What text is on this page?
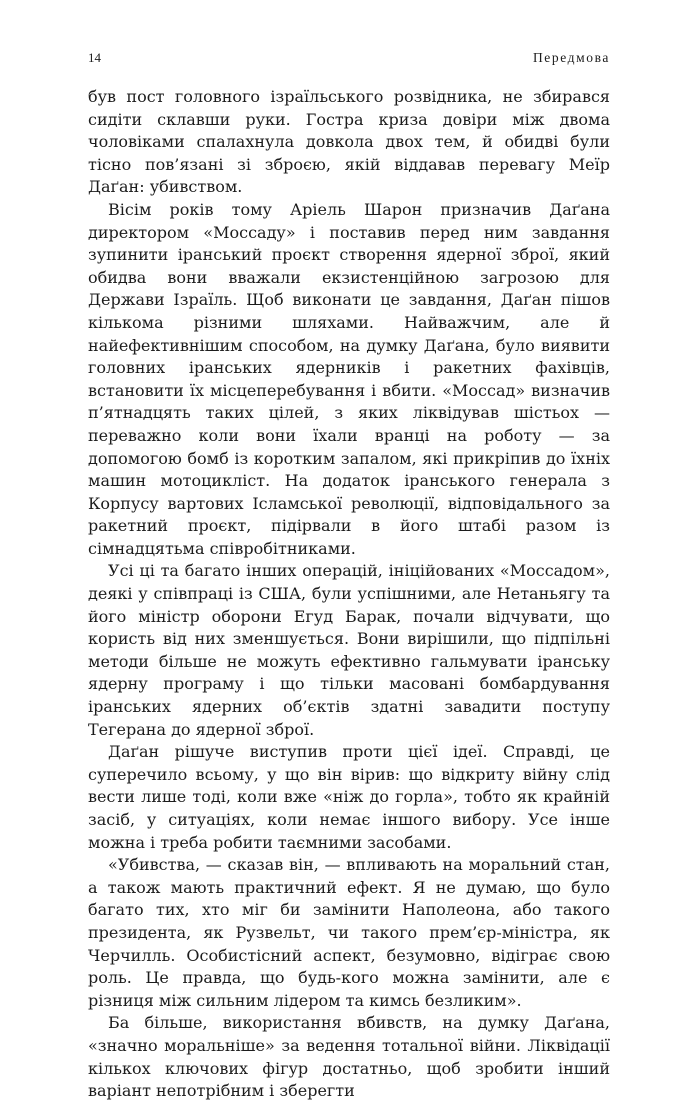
14	Передмова

був пост головного ізраїльського розвідника, не збирався сидіти склавши руки. Гостра криза довіри між двома чоловіками спалахнула довкола двох тем, й обидві були тісно пов’язані зі зброєю, якій віддавав перевагу Меїр Даґан: убивством.

Вісім років тому Аріель Шарон призначив Даґана директором «Моссаду» і поставив перед ним завдання зупинити іранський проєкт створення ядерної зброї, який обидва вони вважали екзистенційною загрозою для Держави Ізраїль. Щоб виконати це завдання, Даґан пішов кількома різними шляхами. Найважчим, але й найефективнішим способом, на думку Даґана, було виявити головних іранських ядерників і ракетних фахівців, встановити їх місцеперебування і вбити. «Моссад» визначив п’ятнадцять таких цілей, з яких ліквідував шістьох — переважно коли вони їхали вранці на роботу — за допомогою бомб із коротким запалом, які прикріпив до їхніх машин мотоцикліст. На додаток іранського генерала з Корпусу вартових Ісламської революції, відповідального за ракетний проєкт, підірвали в його штабі разом із сімнадцятьма співробітниками.

Усі ці та багато інших операцій, ініційованих «Моссадом», деякі у співпраці із США, були успішними, але Нетаньягу та його міністр оборони Егуд Барак, почали відчувати, що користь від них зменшується. Вони вирішили, що підпільні методи більше не можуть ефективно гальмувати іранську ядерну програму і що тільки масовані бомбардування іранських ядерних об’єктів здатні завадити поступу Тегерана до ядерної зброї.

Даґан рішуче виступив проти цієї ідеї. Справді, це суперечило всьому, у що він вірив: що відкриту війну слід вести лише тоді, коли вже «ніж до горла», тобто як крайній засіб, у ситуаціях, коли немає іншого вибору. Усе інше можна і треба робити таємними засобами.

«Убивства, — сказав він, — впливають на моральний стан, а також мають практичний ефект. Я не думаю, що було багато тих, хто міг би замінити Наполеона, або такого президента, як Рузвельт, чи такого прем’єр-міністра, як Черчилль. Особистісний аспект, безумовно, відіграє свою роль. Це правда, що будь-кого можна замінити, але є різниця між сильним лідером та кимсь безликим».

Ба більше, використання вбивств, на думку Даґана, «значно моральніше» за ведення тотальної війни. Ліквідації кількох ключових фігур достатньо, щоб зробити інший варіант непотрібним і зберегти
